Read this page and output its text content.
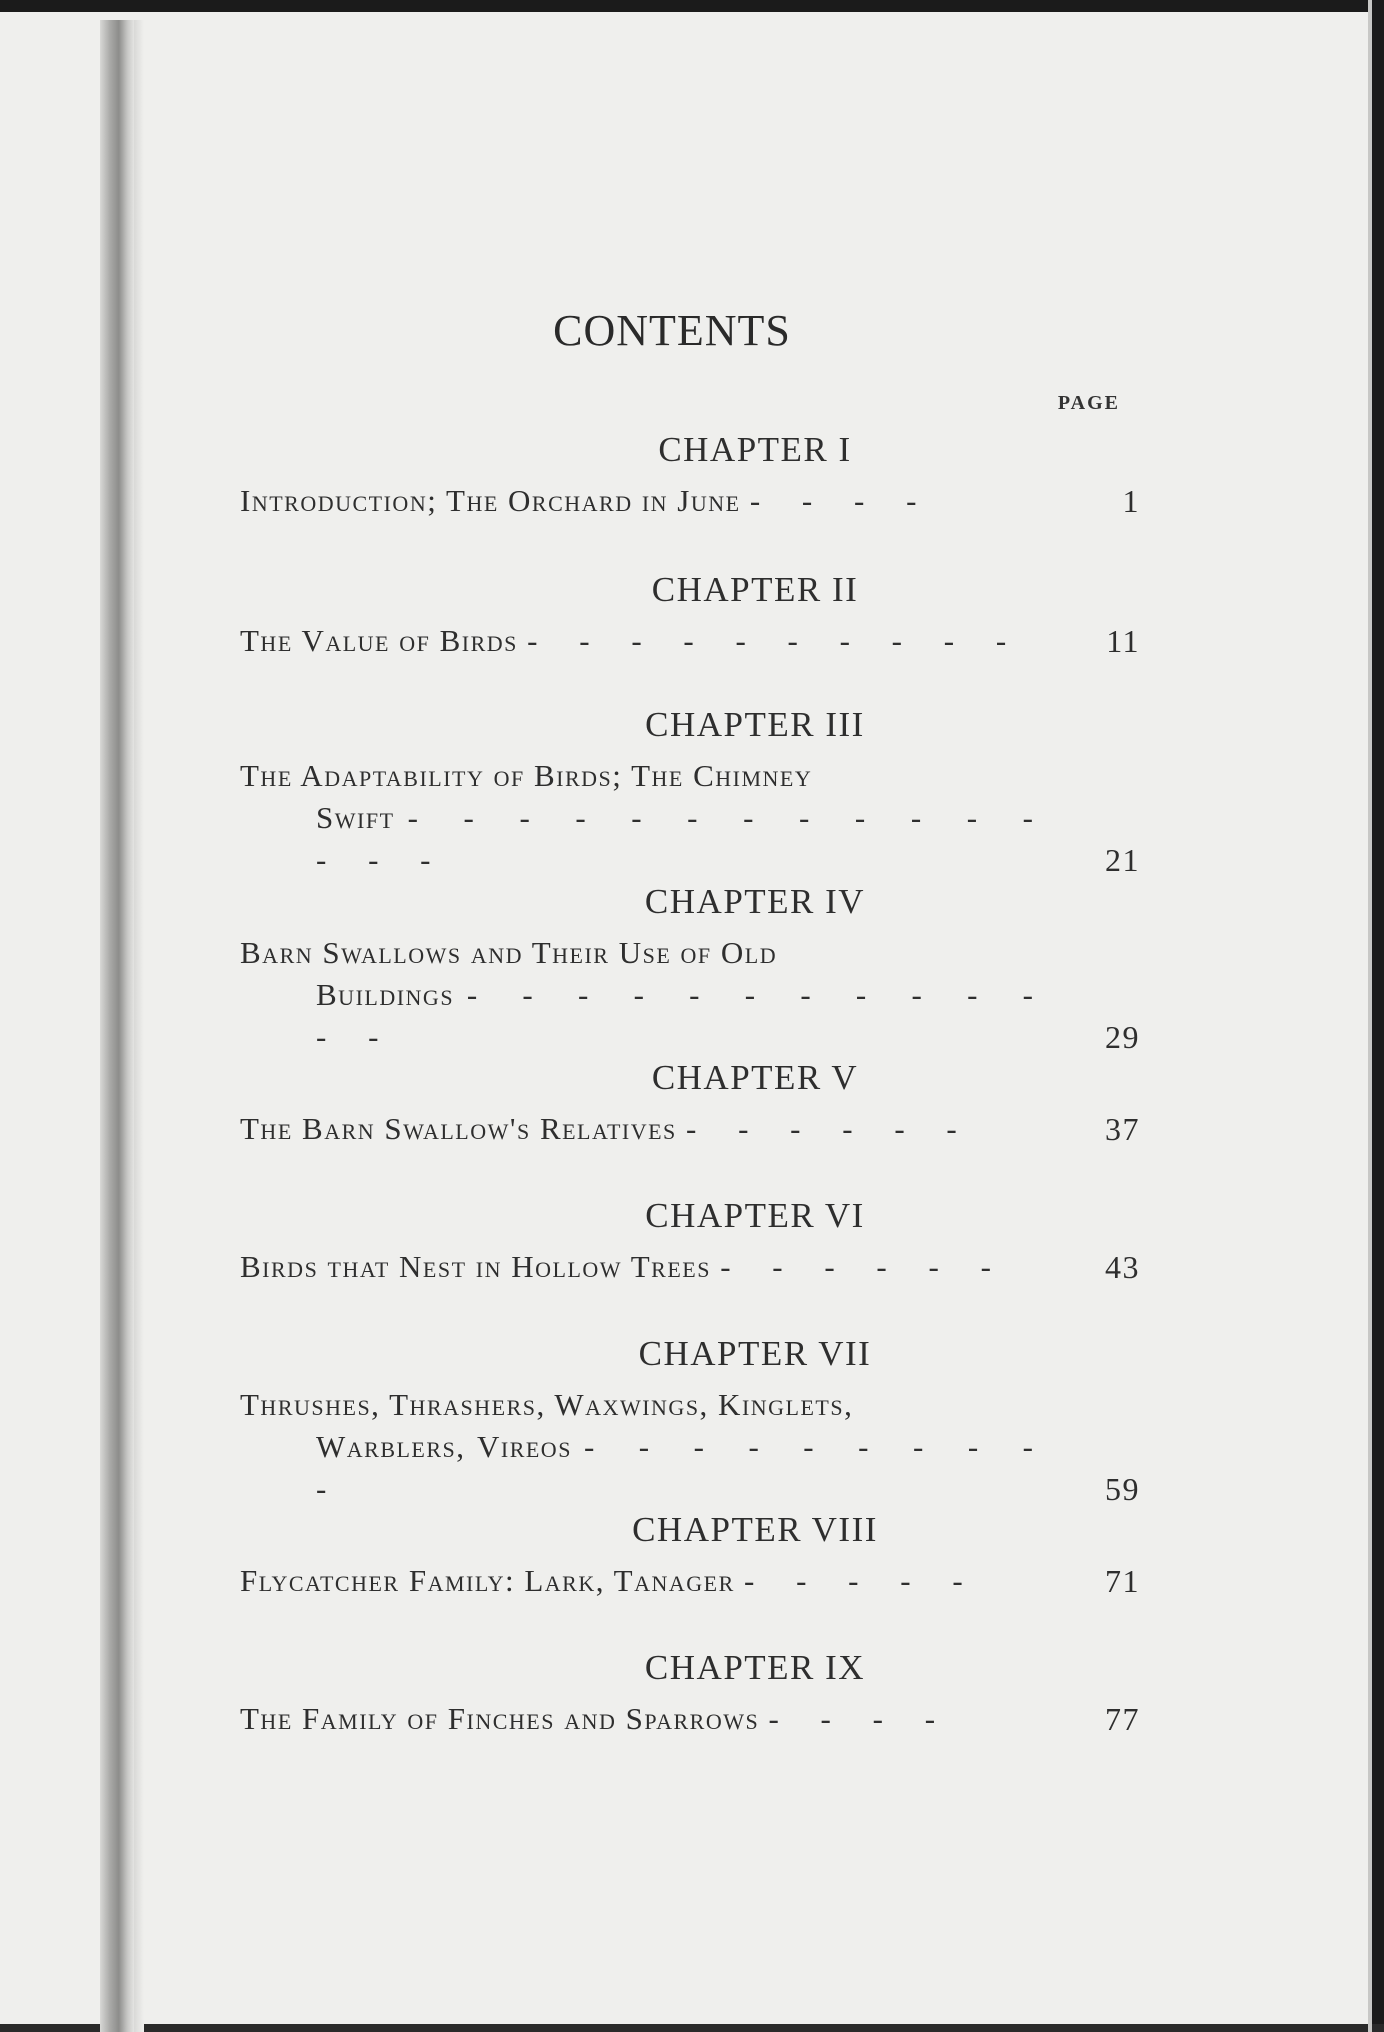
CONTENTS
PAGE
CHAPTER I
Introduction; The Orchard in June - - - -	1
CHAPTER II
The Value of Birds - - - - - - - - - -	11
CHAPTER III
The Adaptability of Birds; The Chimney
Swift - - - - - - - - - - - - - - -	21
CHAPTER IV
Barn Swallows and Their Use of Old
Buildings - - - - - - - - - - - - -	29
CHAPTER V
The Barn Swallow's Relatives - - - - - -	37
CHAPTER VI
Birds that Nest in Hollow Trees - - - - - -	43
CHAPTER VII
Thrushes, Thrashers, Waxwings, Kinglets,
Warblers, Vireos - - - - - - - - - -	59
CHAPTER VIII
Flycatcher Family: Lark, Tanager - - - - -	71
CHAPTER IX
The Family of Finches and Sparrows - - - -	77
